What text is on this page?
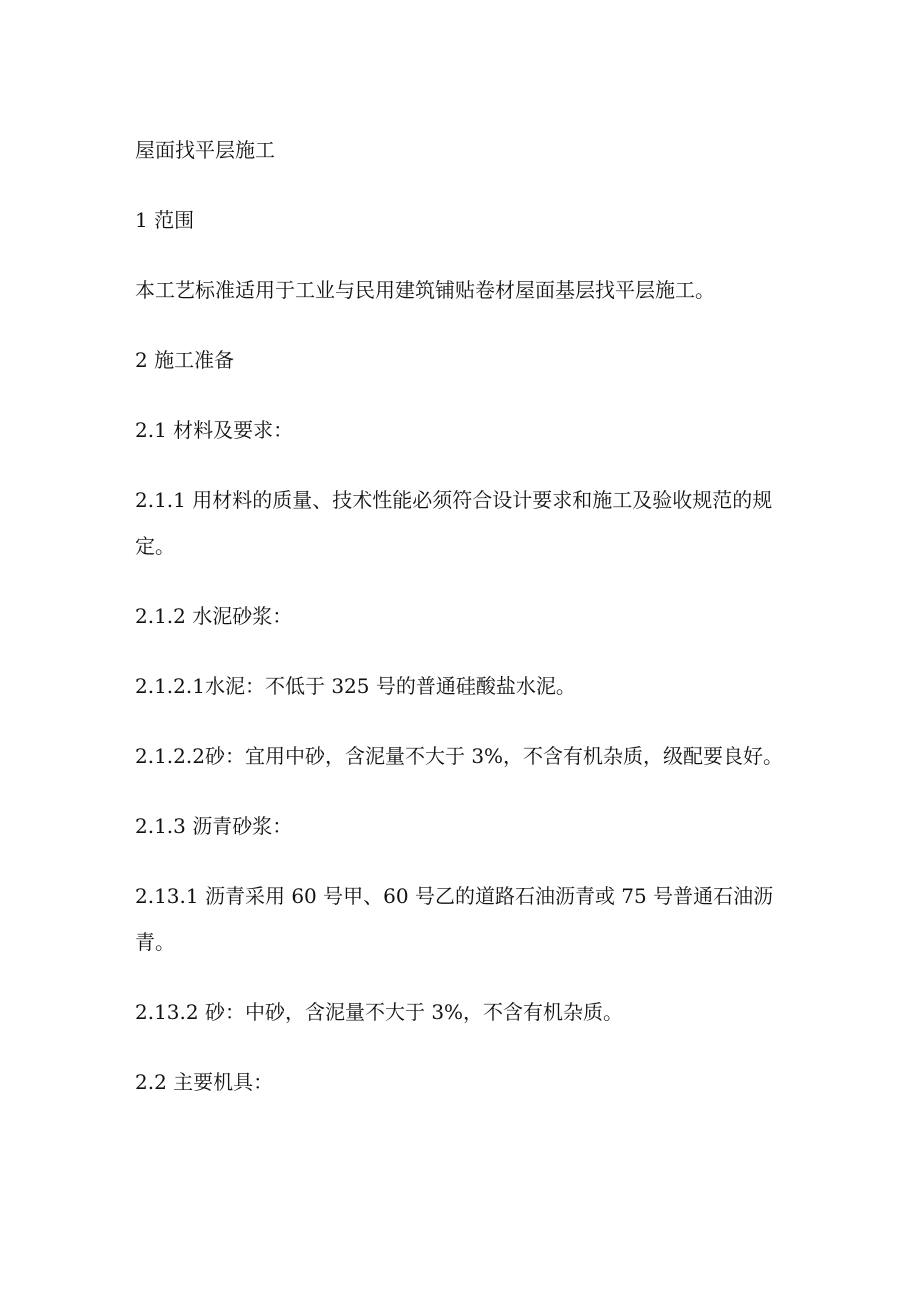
屋面找平层施工
1 范围
本工艺标准适用于工业与民用建筑铺贴卷材屋面基层找平层施工。
2 施工准备
2.1 材料及要求：
2.1.1 用材料的质量、技术性能必须符合设计要求和施工及验收规范的规定。
2.1.2 水泥砂浆：
2.1.2.1水泥：不低于 325 号的普通硅酸盐水泥。
2.1.2.2砂：宜用中砂，含泥量不大于 3%，不含有机杂质，级配要良好。
2.1.3 沥青砂浆：
2.13.1 沥青采用 60 号甲、60 号乙的道路石油沥青或 75 号普通石油沥青。
2.13.2 砂：中砂，含泥量不大于 3%，不含有机杂质。
2.2 主要机具：
